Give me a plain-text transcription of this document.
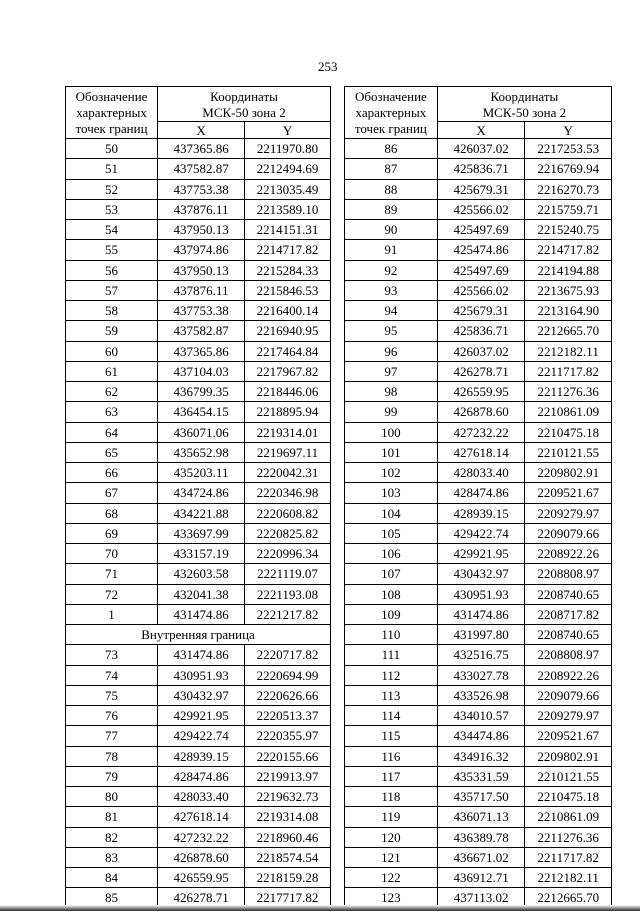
253
Обозначение характерных точек границ	Координаты
МСК-50 зона 2	

	X	Y
50	437365.86	2211970.80
51	437582.87	2212494.69
52	437753.38	2213035.49
53	437876.11	2213589.10
54	437950.13	2214151.31
55	437974.86	2214717.82
56	437950.13	2215284.33
57	437876.11	2215846.53
58	437753.38	2216400.14
59	437582.87	2216940.95
60	437365.86	2217464.84
61	437104.03	2217967.82
62	436799.35	2218446.06
63	436454.15	2218895.94
64	436071.06	2219314.01
65	435652.98	2219697.11
66	435203.11	2220042.31
67	434724.86	2220346.98
68	434221.88	2220608.82
69	433697.99	2220825.82
70	433157.19	2220996.34
71	432603.58	2221119.07
72	432041.38	2221193.08
1	431474.86	2221217.82
Внутренняя граница		
73	431474.86	2220717.82
74	430951.93	2220694.99
75	430432.97	2220626.66
76	429921.95	2220513.37
77	429422.74	2220355.97
78	428939.15	2220155.66
79	428474.86	2219913.97
80	428033.40	2219632.73
81	427618.14	2219314.08
82	427232.22	2218960.46
83	426878.60	2218574.54
84	426559.95	2218159.28
85	426278.71	2217717.82
Обозначение характерных точек границ	Координаты
МСК-50 зона 2	

	X	Y
86	426037.02	2217253.53
87	425836.71	2216769.94
88	425679.31	2216270.73
89	425566.02	2215759.71
90	425497.69	2215240.75
91	425474.86	2214717.82
92	425497.69	2214194.88
93	425566.02	2213675.93
94	425679.31	2213164.90
95	425836.71	2212665.70
96	426037.02	2212182.11
97	426278.71	2211717.82
98	426559.95	2211276.36
99	426878.60	2210861.09
100	427232.22	2210475.18
101	427618.14	2210121.55
102	428033.40	2209802.91
103	428474.86	2209521.67
104	428939.15	2209279.97
105	429422.74	2209079.66
106	429921.95	2208922.26
107	430432.97	2208808.97
108	430951.93	2208740.65
109	431474.86	2208717.82
110	431997.80	2208740.65
111	432516.75	2208808.97
112	433027.78	2208922.26
113	433526.98	2209079.66
114	434010.57	2209279.97
115	434474.86	2209521.67
116	434916.32	2209802.91
117	435331.59	2210121.55
118	435717.50	2210475.18
119	436071.13	2210861.09
120	436389.78	2211276.36
121	436671.02	2211717.82
122	436912.71	2212182.11
123	437113.02	2212665.70
